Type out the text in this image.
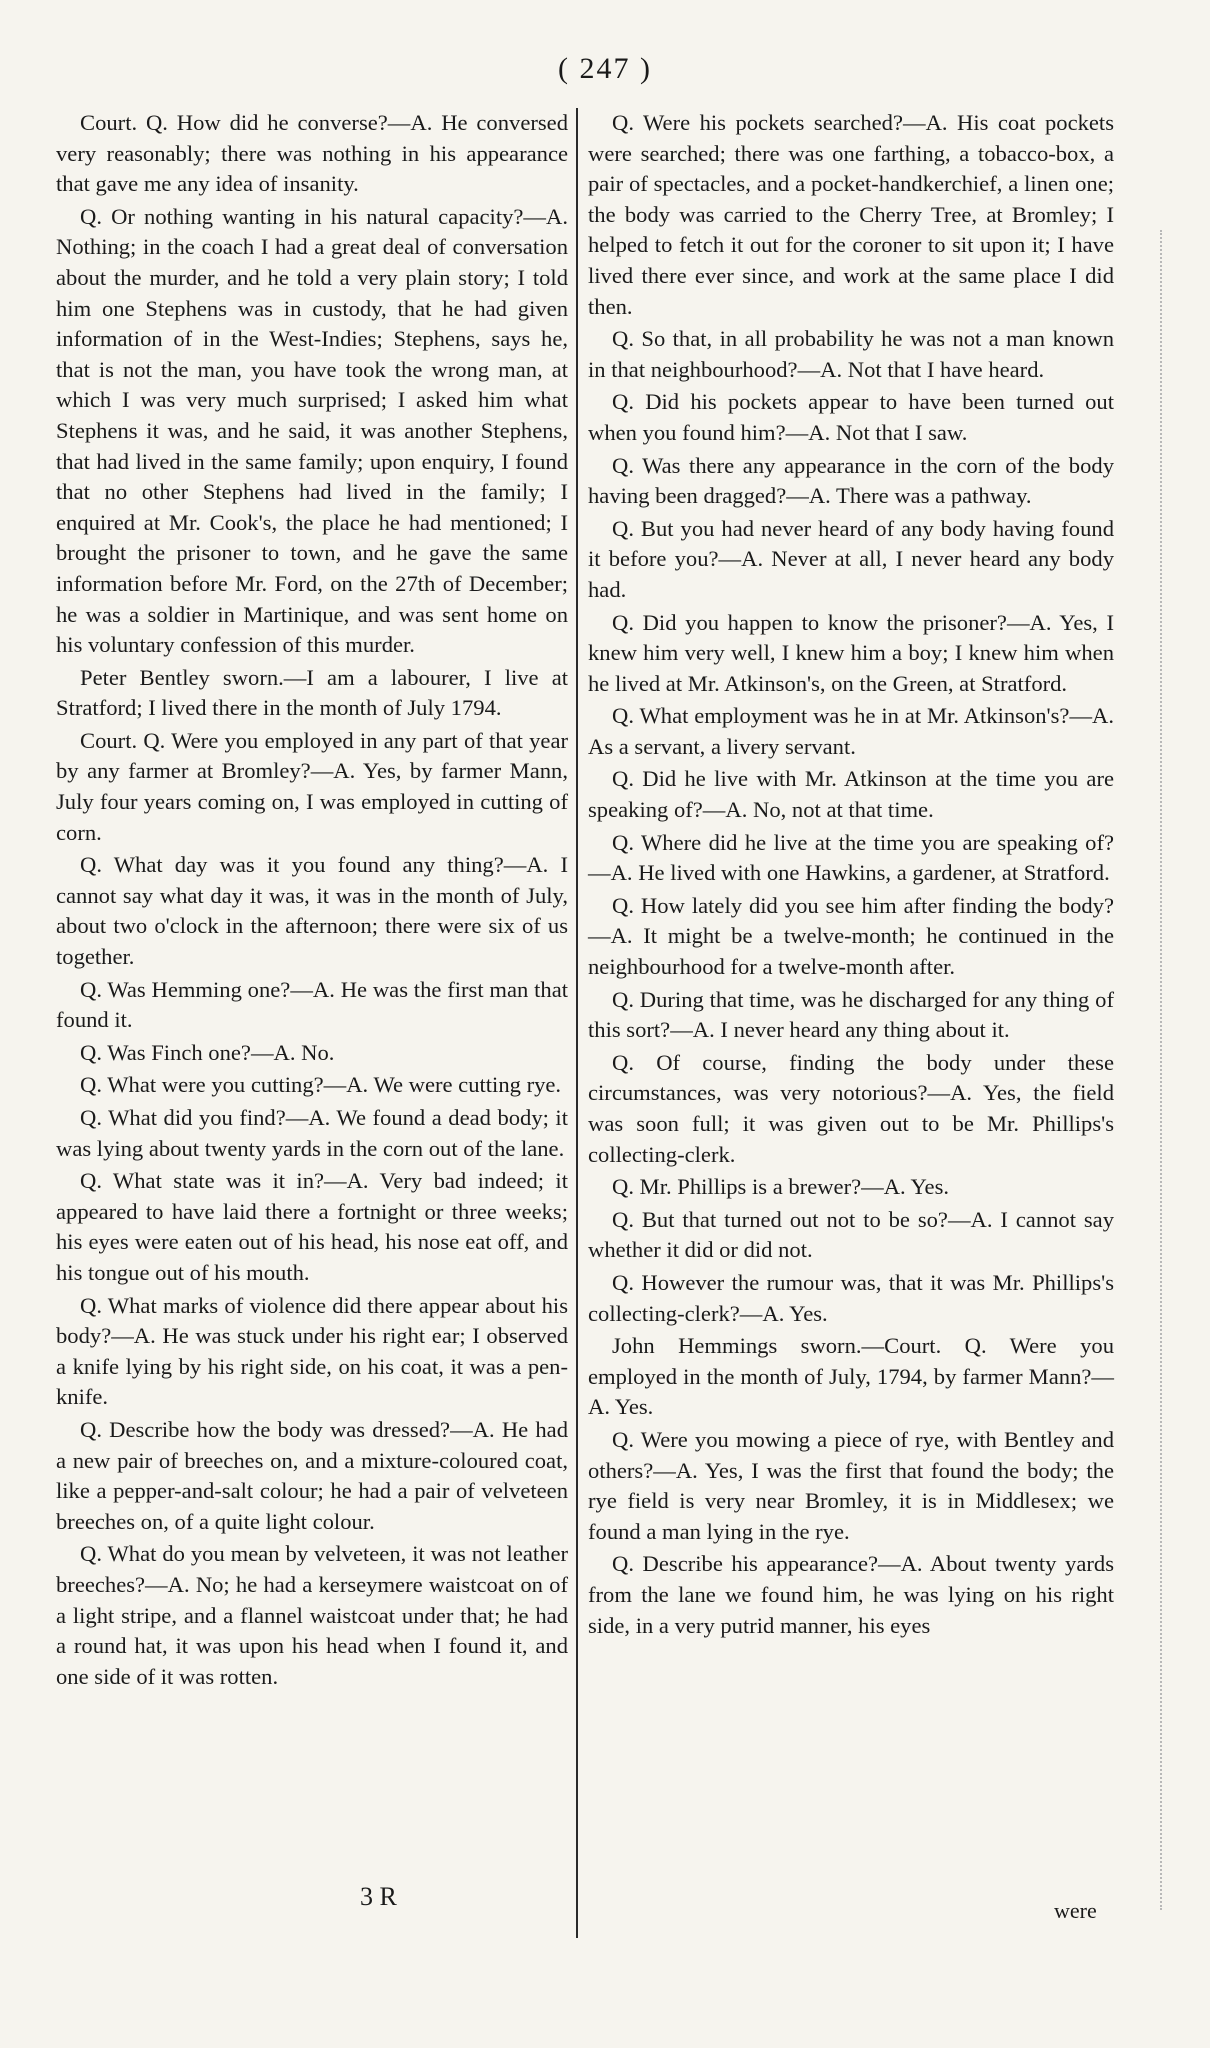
( 247 )

Court. Q. How did he converse?—A. He conversed very reasonably; there was nothing in his appearance that gave me any idea of insanity.

Q. Or nothing wanting in his natural capacity?—A. Nothing; in the coach I had a great deal of conversation about the murder, and he told a very plain story; I told him one Stephens was in custody, that he had given information of in the West-Indies; Stephens, says he, that is not the man, you have took the wrong man, at which I was very much surprised; I asked him what Stephens it was, and he said, it was another Stephens, that had lived in the same family; upon enquiry, I found that no other Stephens had lived in the family; I enquired at Mr. Cook's, the place he had mentioned; I brought the prisoner to town, and he gave the same information before Mr. Ford, on the 27th of December; he was a soldier in Martinique, and was sent home on his voluntary confession of this murder.

Peter Bentley sworn.—I am a labourer, I live at Stratford; I lived there in the month of July 1794.

Court. Q. Were you employed in any part of that year by any farmer at Bromley?—A. Yes, by farmer Mann, July four years coming on, I was employed in cutting of corn.

Q. What day was it you found any thing?—A. I cannot say what day it was, it was in the month of July, about two o'clock in the afternoon; there were six of us together.

Q. Was Hemming one?—A. He was the first man that found it.

Q. Was Finch one?—A. No.

Q. What were you cutting?—A. We were cutting rye.

Q. What did you find?—A. We found a dead body; it was lying about twenty yards in the corn out of the lane.

Q. What state was it in?—A. Very bad indeed; it appeared to have laid there a fortnight or three weeks; his eyes were eaten out of his head, his nose eat off, and his tongue out of his mouth.

Q. What marks of violence did there appear about his body?—A. He was stuck under his right ear; I observed a knife lying by his right side, on his coat, it was a pen-knife.

Q. Describe how the body was dressed?—A. He had a new pair of breeches on, and a mixture-coloured coat, like a pepper-and-salt colour; he had a pair of velveteen breeches on, of a quite light colour.

Q. What do you mean by velveteen, it was not leather breeches?—A. No; he had a kerseymere waistcoat on of a light stripe, and a flannel waistcoat under that; he had a round hat, it was upon his head when I found it, and one side of it was rotten.

Q. Were his pockets searched?—A. His coat pockets were searched; there was one farthing, a tobacco-box, a pair of spectacles, and a pocket-handkerchief, a linen one; the body was carried to the Cherry Tree, at Bromley; I helped to fetch it out for the coroner to sit upon it; I have lived there ever since, and work at the same place I did then.

Q. So that, in all probability he was not a man known in that neighbourhood?—A. Not that I have heard.

Q. Did his pockets appear to have been turned out when you found him?—A. Not that I saw.

Q. Was there any appearance in the corn of the body having been dragged?—A. There was a pathway.

Q. But you had never heard of any body having found it before you?—A. Never at all, I never heard any body had.

Q. Did you happen to know the prisoner?—A. Yes, I knew him very well, I knew him a boy; I knew him when he lived at Mr. Atkinson's, on the Green, at Stratford.

Q. What employment was he in at Mr. Atkinson's?—A. As a servant, a livery servant.

Q. Did he live with Mr. Atkinson at the time you are speaking of?—A. No, not at that time.

Q. Where did he live at the time you are speaking of?—A. He lived with one Hawkins, a gardener, at Stratford.

Q. How lately did you see him after finding the body?—A. It might be a twelve-month; he continued in the neighbourhood for a twelve-month after.

Q. During that time, was he discharged for any thing of this sort?—A. I never heard any thing about it.

Q. Of course, finding the body under these circumstances, was very notorious?—A. Yes, the field was soon full; it was given out to be Mr. Phillips's collecting-clerk.

Q. Mr. Phillips is a brewer?—A. Yes.

Q. But that turned out not to be so?—A. I cannot say whether it did or did not.

Q. However the rumour was, that it was Mr. Phillips's collecting-clerk?—A. Yes.

John Hemmings sworn.—Court. Q. Were you employed in the month of July, 1794, by farmer Mann?—A. Yes.

Q. Were you mowing a piece of rye, with Bentley and others?—A. Yes, I was the first that found the body; the rye field is very near Bromley, it is in Middlesex; we found a man lying in the rye.

Q. Describe his appearance?—A. About twenty yards from the lane we found him, he was lying on his right side, in a very putrid manner, his eyes

3 R	were
